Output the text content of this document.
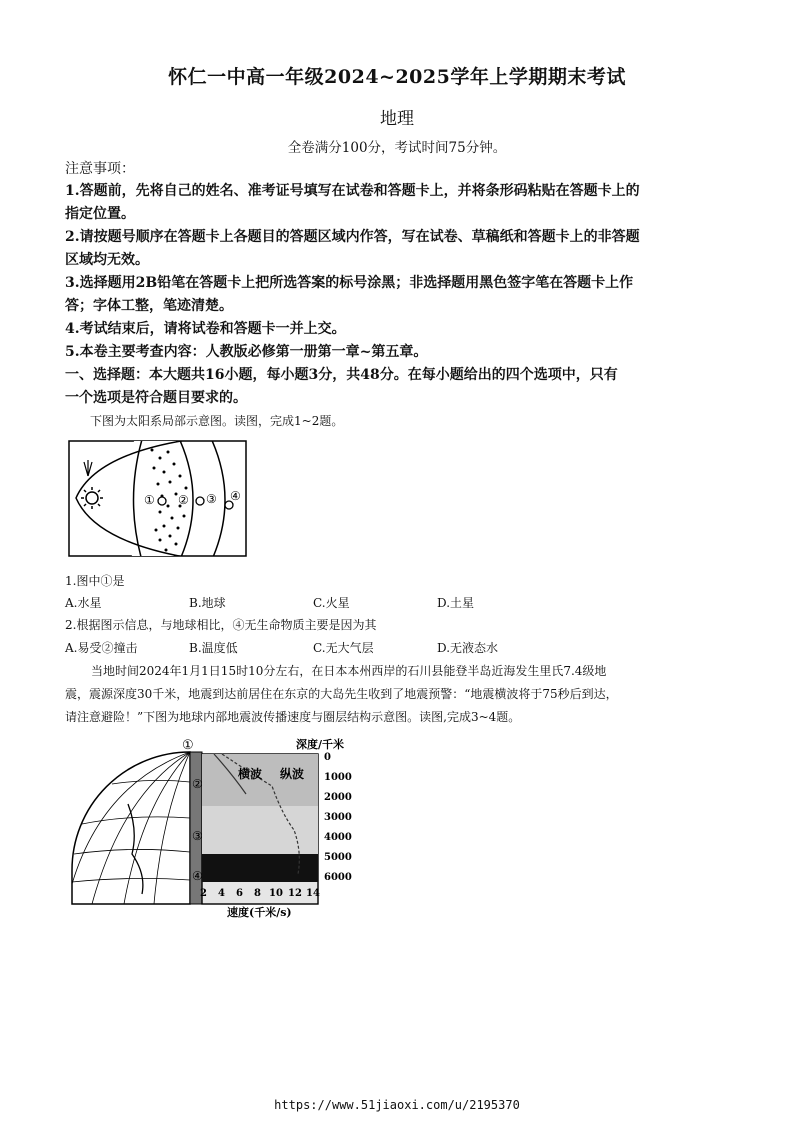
怀仁一中高一年级2024~2025学年上学期期末考试
地理
全卷满分100分，考试时间75分钟。
注意事项：
1.答题前，先将自己的姓名、准考证号填写在试卷和答题卡上，并将条形码粘贴在答题卡上的
指定位置。
2.请按题号顺序在答题卡上各题目的答题区域内作答，写在试卷、草稿纸和答题卡上的非答题
区域均无效。
3.选择题用2B铅笔在答题卡上把所选答案的标号涂黑；非选择题用黑色签字笔在答题卡上作
答；字体工整，笔迹清楚。
4.考试结束后，请将试卷和答题卡一并上交。
5.本卷主要考查内容：人教版必修第一册第一章~第五章。
一、选择题：本大题共16小题，每小题3分，共48分。在每小题给出的四个选项中，只有
一个选项是符合题目要求的。
下图为太阳系局部示意图。读图，完成1~2题。
① ② ③ ④
1.图中①是
A.水星	B.地球	C.火星	D.土星
2.根据图示信息，与地球相比，④无生命物质主要是因为其
A.易受②撞击	B.温度低	C.无大气层	D.无液态水
当地时间2024年1月1日15时10分左右，在日本本州西岸的石川县能登半岛近海发生里氏7.4级地
震，震源深度30千米，地震到达前居住在东京的大岛先生收到了地震预警：“地震横波将于75秒后到达，
请注意避险！”下图为地球内部地震波传播速度与圈层结构示意图。读图,完成3~4题。
横波 纵波
①
②
③
④
深度/千米
0
1000
2000
3000
4000
5000
6000
2 4 6 8 10 12 14
速度(千米/s)
https://www.51jiaoxi.com/u/2195370
